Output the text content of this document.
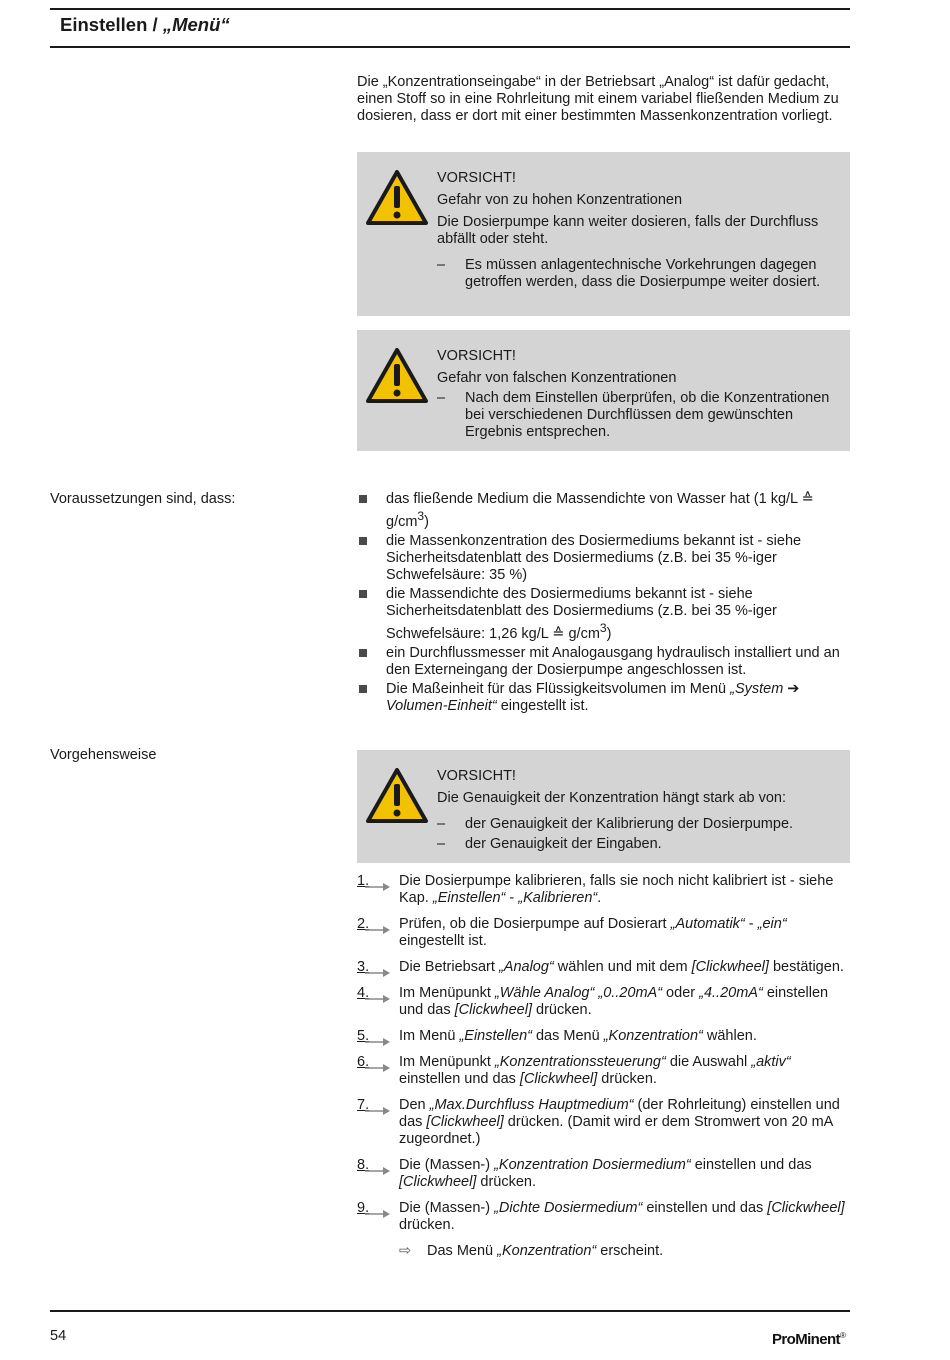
Einstellen / „Menü“
Die „Konzentrationseingabe“ in der Betriebsart „Analog“ ist dafür gedacht, einen Stoff so in eine Rohrleitung mit einem variabel fließenden Medium zu dosieren, dass er dort mit einer bestimmten Massenkonzentration vorliegt.
VORSICHT!
Gefahr von zu hohen Konzentrationen
Die Dosierpumpe kann weiter dosieren, falls der Durchfluss abfällt oder steht.
–	Es müssen anlagentechnische Vorkehrungen dagegen getroffen werden, dass die Dosierpumpe weiter dosiert.
VORSICHT!
Gefahr von falschen Konzentrationen
–	Nach dem Einstellen überprüfen, ob die Konzentrationen bei verschiedenen Durchflüssen dem gewünschten Ergebnis entsprechen.
Voraussetzungen sind, dass:	das fließende Medium die Massendichte von Wasser hat (1 kg/L ≙ $g/cm^3$)
die Massenkonzentration des Dosiermediums bekannt ist - siehe Sicherheitsdatenblatt des Dosiermediums (z.B. bei 35 %-iger Schwefelsäure: 35 %)
die Massendichte des Dosiermediums bekannt ist - siehe Sicherheitsdatenblatt des Dosiermediums (z.B. bei 35 %-iger Schwefelsäure: 1,26 kg/L ≙ $g/cm^3$)
ein Durchflussmesser mit Analogausgang hydraulisch installiert und an den Externeingang der Dosierpumpe angeschlossen ist.
Die Maßeinheit für das Flüssigkeitsvolumen im Menü „System ➔ Volumen-Einheit“ eingestellt ist.
Vorgehensweise
VORSICHT!
Die Genauigkeit der Konzentration hängt stark ab von:
–	der Genauigkeit der Kalibrierung der Dosierpumpe.
–	der Genauigkeit der Eingaben.
1.	Die Dosierpumpe kalibrieren, falls sie noch nicht kalibriert ist - siehe Kap. „Einstellen“ - „Kalibrieren“.
2.	Prüfen, ob die Dosierpumpe auf Dosierart „Automatik“ - „ein“ eingestellt ist.
3.	Die Betriebsart „Analog“ wählen und mit dem [Clickwheel] bestätigen.
4.	Im Menüpunkt „Wähle Analog“ „0..20mA“ oder „4..20mA“ einstellen und das [Clickwheel] drücken.
5.	Im Menü „Einstellen“ das Menü „Konzentration“ wählen.
6.	Im Menüpunkt „Konzentrationssteuerung“ die Auswahl „aktiv“ einstellen und das [Clickwheel] drücken.
7.	Den „Max.Durchfluss Hauptmedium“ (der Rohrleitung) einstellen und das [Clickwheel] drücken. (Damit wird er dem Stromwert von 20 mA zugeordnet.)
8.	Die (Massen-) „Konzentration Dosiermedium“ einstellen und das [Clickwheel] drücken.
9.	Die (Massen-) „Dichte Dosiermedium“ einstellen und das [Clickwheel] drücken.
⇨	Das Menü „Konzentration“ erscheint.
54	ProMinent®
